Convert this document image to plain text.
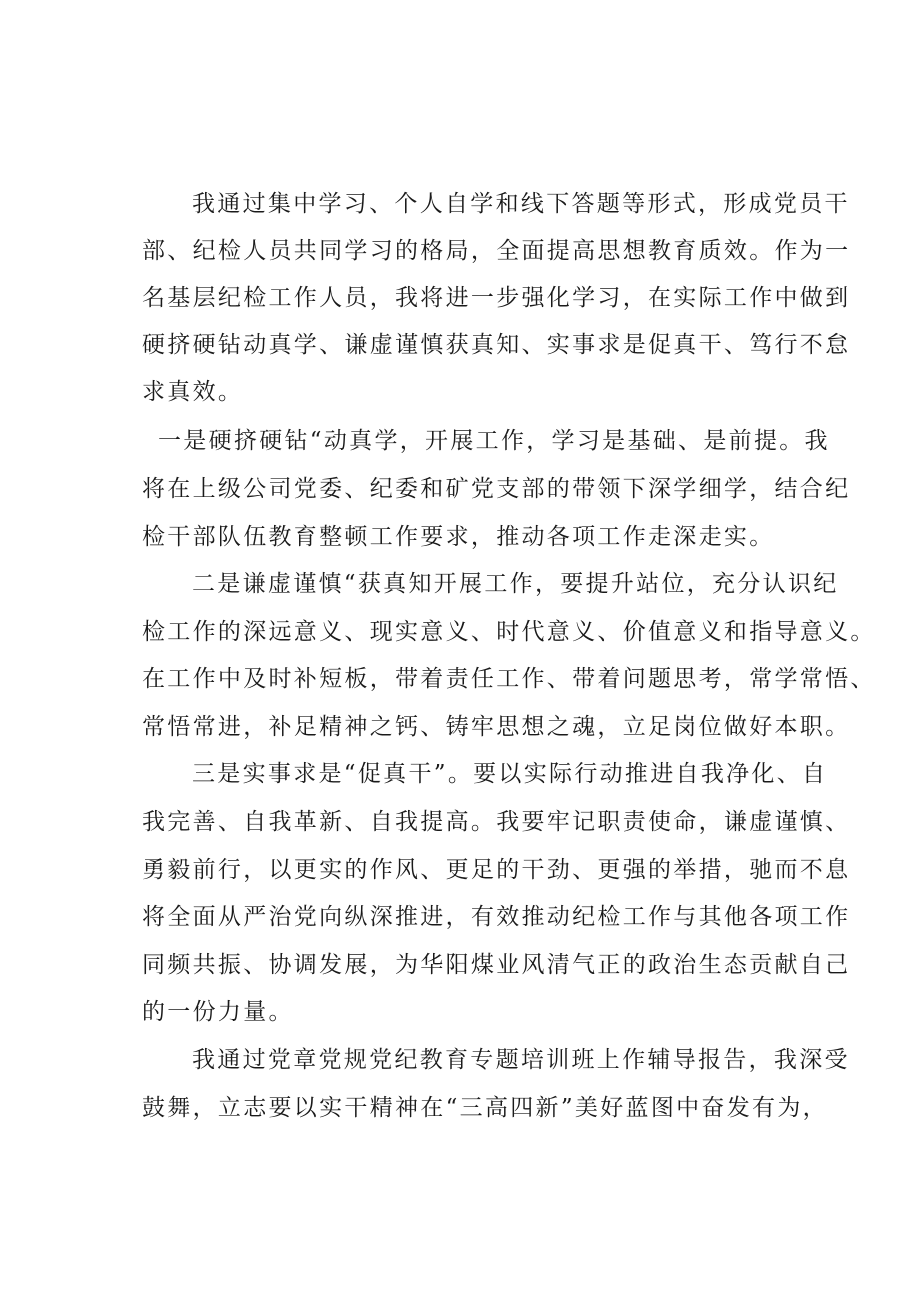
我通过集中学习、个人自学和线下答题等形式，形成党员干
部、纪检人员共同学习的格局，全面提高思想教育质效。作为一
名基层纪检工作人员，我将进一步强化学习，在实际工作中做到
硬挤硬钻动真学、谦虚谨慎获真知、实事求是促真干、笃行不怠
求真效。
一是硬挤硬钻“动真学，开展工作，学习是基础、是前提。我
将在上级公司党委、纪委和矿党支部的带领下深学细学，结合纪
检干部队伍教育整顿工作要求，推动各项工作走深走实。
二是谦虚谨慎“获真知开展工作，要提升站位，充分认识纪
检工作的深远意义、现实意义、时代意义、价值意义和指导意义。
在工作中及时补短板，带着责任工作、带着问题思考，常学常悟、
常悟常进，补足精神之钙、铸牢思想之魂，立足岗位做好本职。
三是实事求是“促真干”。要以实际行动推进自我净化、自
我完善、自我革新、自我提高。我要牢记职责使命，谦虚谨慎、
勇毅前行，以更实的作风、更足的干劲、更强的举措，驰而不息
将全面从严治党向纵深推进，有效推动纪检工作与其他各项工作
同频共振、协调发展，为华阳煤业风清气正的政治生态贡献自己
的一份力量。
我通过党章党规党纪教育专题培训班上作辅导报告，我深受
鼓舞，立志要以实干精神在“三高四新”美好蓝图中奋发有为，
